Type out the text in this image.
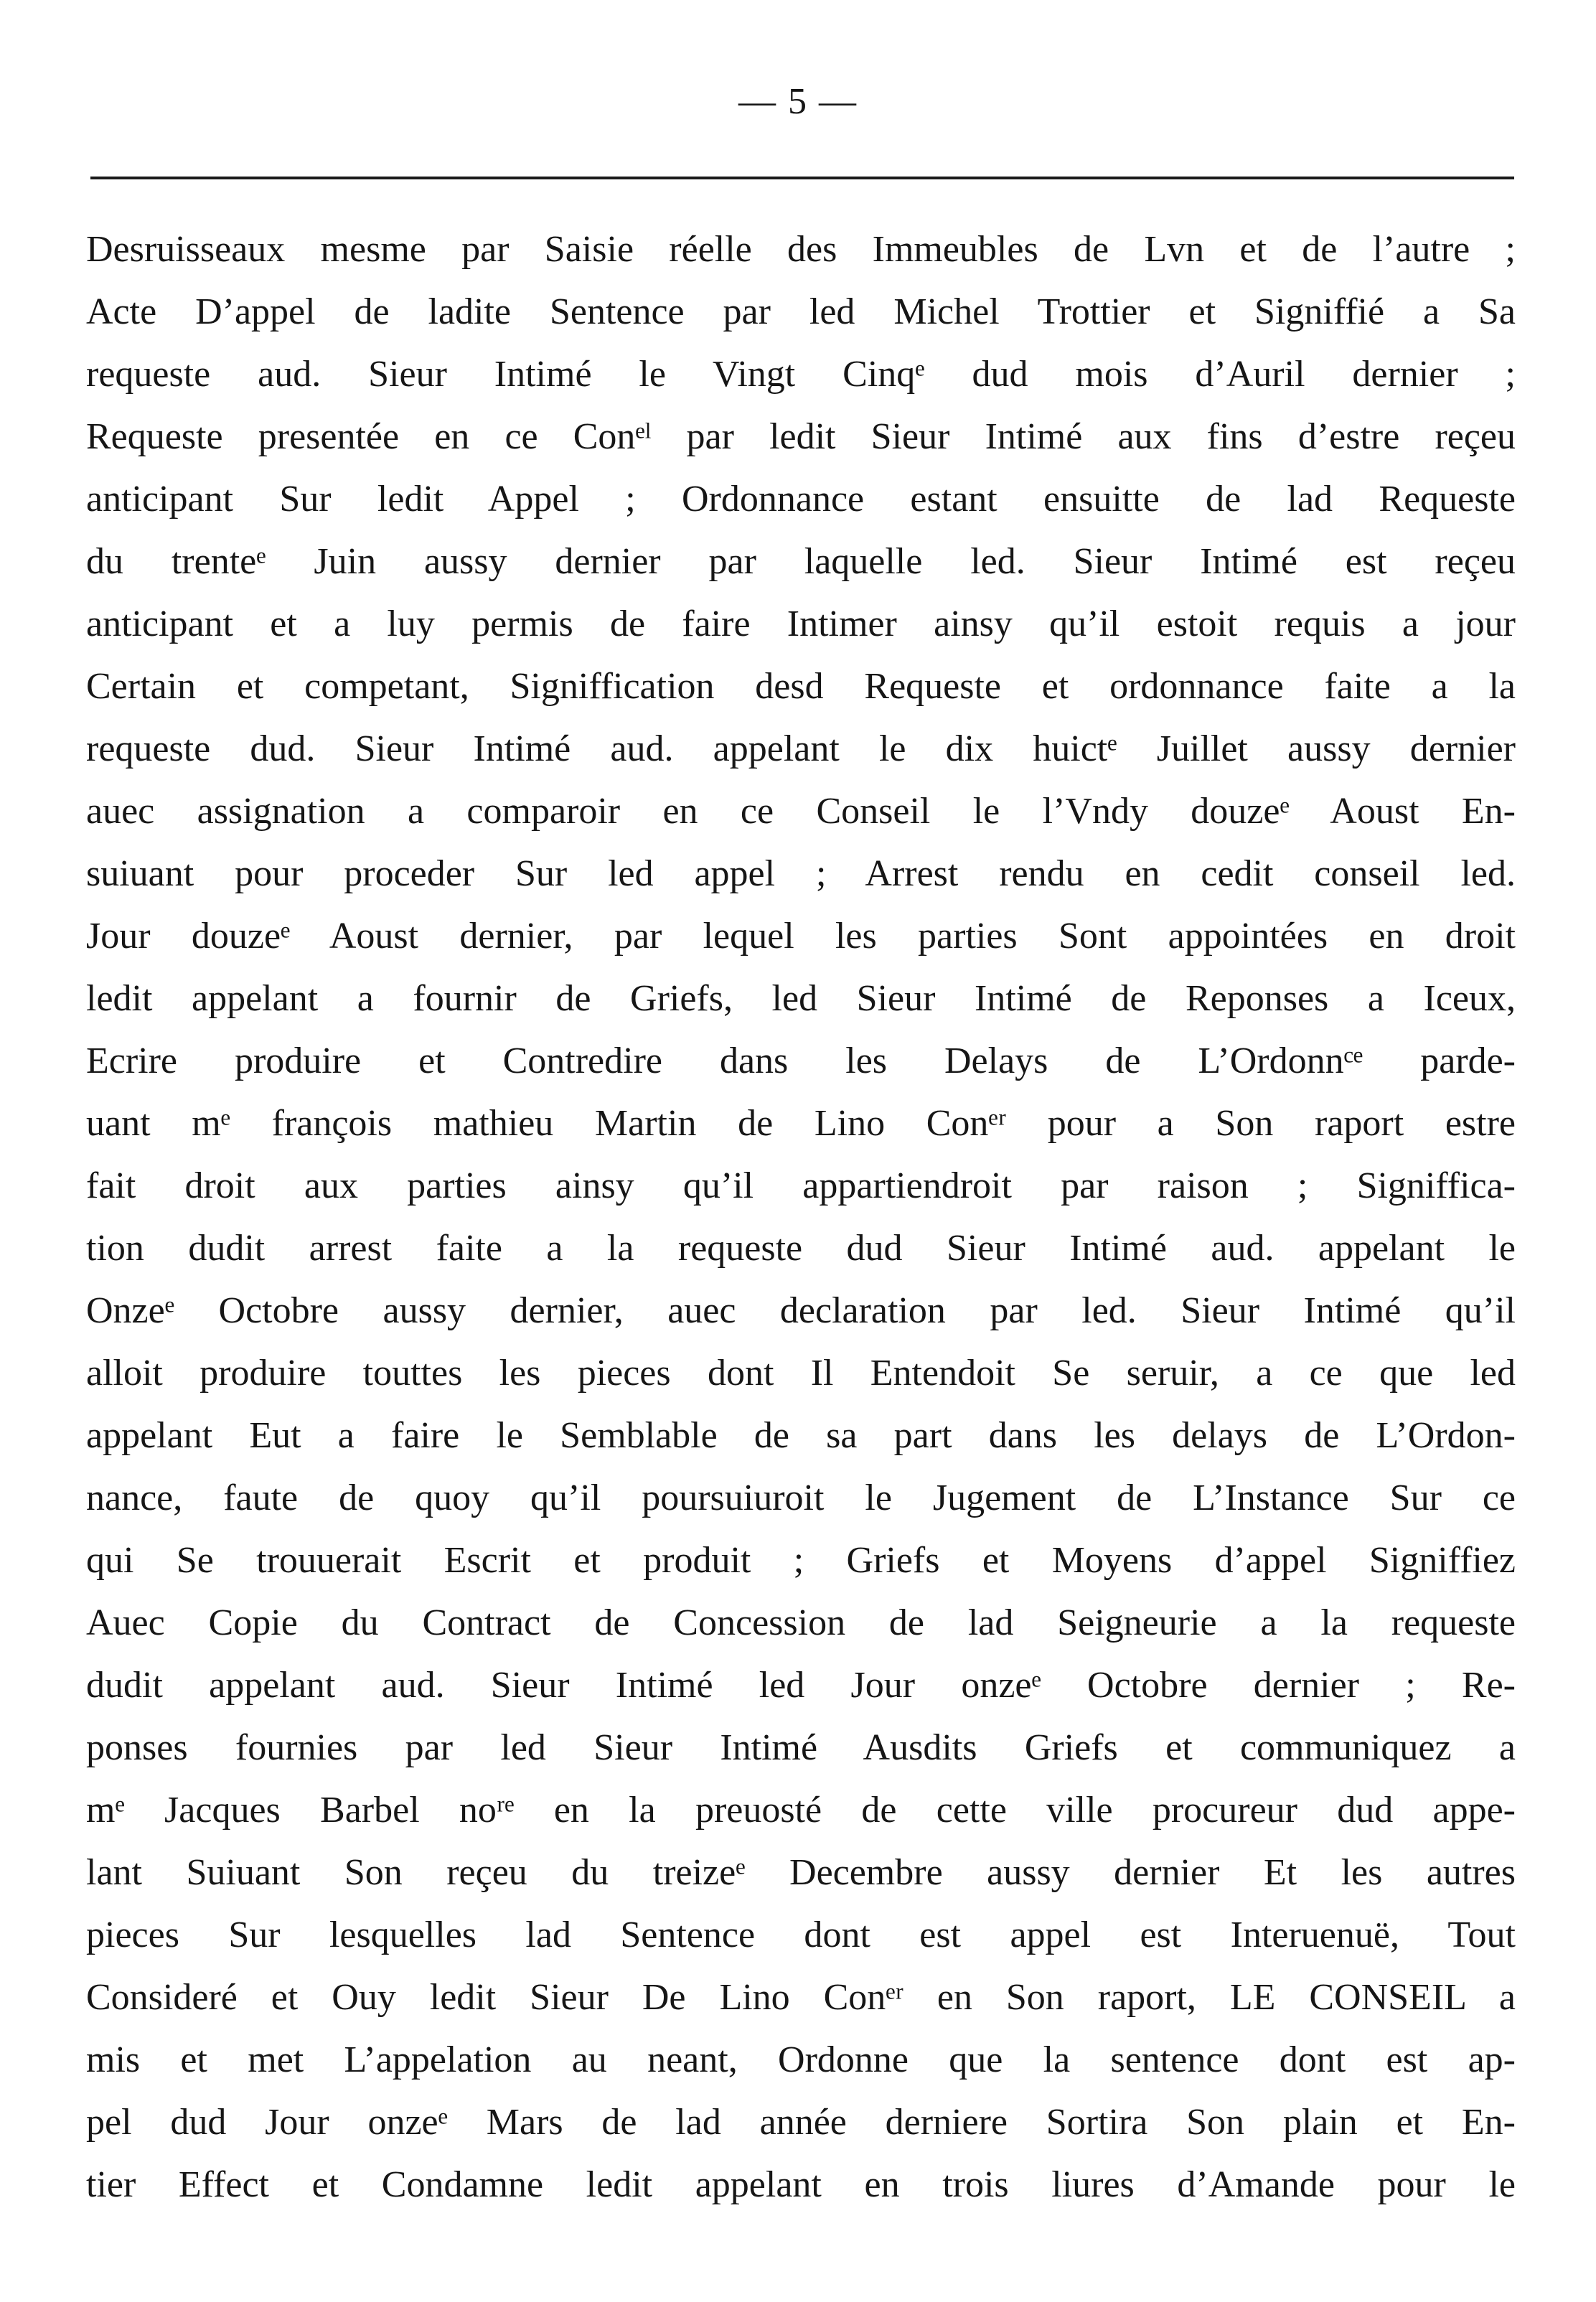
— 5 —
Desruisseaux mesme par Saisie réelle des Immeubles de Lvn et de l’autre ;
Acte D’appel de ladite Sentence par led Michel Trottier et Signiffié a Sa
requeste aud. Sieur Intimé le Vingt Cinqᵉ dud mois d’Auril dernier ;
Requeste presentée en ce Conᵉˡ par ledit Sieur Intimé aux fins d’estre reçeu
anticipant Sur ledit Appel ; Ordonnance estant ensuitte de lad Requeste
du trenteᵉ Juin aussy dernier par laquelle led. Sieur Intimé est reçeu
anticipant et a luy permis de faire Intimer ainsy qu’il estoit requis a jour
Certain et competant, Signiffication desd Requeste et ordonnance faite a la
requeste dud. Sieur Intimé aud. appelant le dix huictᵉ Juillet aussy dernier
auec assignation a comparoir en ce Conseil le l’Vndy douzeᵉ Aoust En-
suiuant pour proceder Sur led appel ; Arrest rendu en cedit conseil led.
Jour douzeᵉ Aoust dernier, par lequel les parties Sont appointées en droit
ledit appelant a fournir de Griefs, led Sieur Intimé de Reponses a Iceux,
Ecrire produire et Contredire dans les Delays de L’Ordonnᶜᵉ parde-
uant mᵉ françois mathieu Martin de Lino Conᵉʳ pour a Son raport estre
fait droit aux parties ainsy qu’il appartiendroit par raison ; Signiffica-
tion dudit arrest faite a la requeste dud Sieur Intimé aud. appelant le
Onzeᵉ Octobre aussy dernier, auec declaration par led. Sieur Intimé qu’il
alloit produire touttes les pieces dont Il Entendoit Se seruir, a ce que led
appelant Eut a faire le Semblable de sa part dans les delays de L’Ordon-
nance, faute de quoy qu’il poursuiuroit le Jugement de L’Instance Sur ce
qui Se trouuerait Escrit et produit ; Griefs et Moyens d’appel Signiffiez
Auec Copie du Contract de Concession de lad Seigneurie a la requeste
dudit appelant aud. Sieur Intimé led Jour onzeᵉ Octobre dernier ; Re-
ponses fournies par led Sieur Intimé Ausdits Griefs et communiquez a
mᵉ Jacques Barbel noʳᵉ en la preuosté de cette ville procureur dud appe-
lant Suiuant Son reçeu du treizeᵉ Decembre aussy dernier Et les autres
pieces Sur lesquelles lad Sentence dont est appel est Interuenuë, Tout
Consideré et Ouy ledit Sieur De Lino Conᵉʳ en Son raport, LE CONSEIL a
mis et met L’appelation au neant, Ordonne que la sentence dont est ap-
pel dud Jour onzeᵉ Mars de lad année derniere Sortira Son plain et En-
tier Effect et Condamne ledit appelant en trois liures d’Amande pour le
